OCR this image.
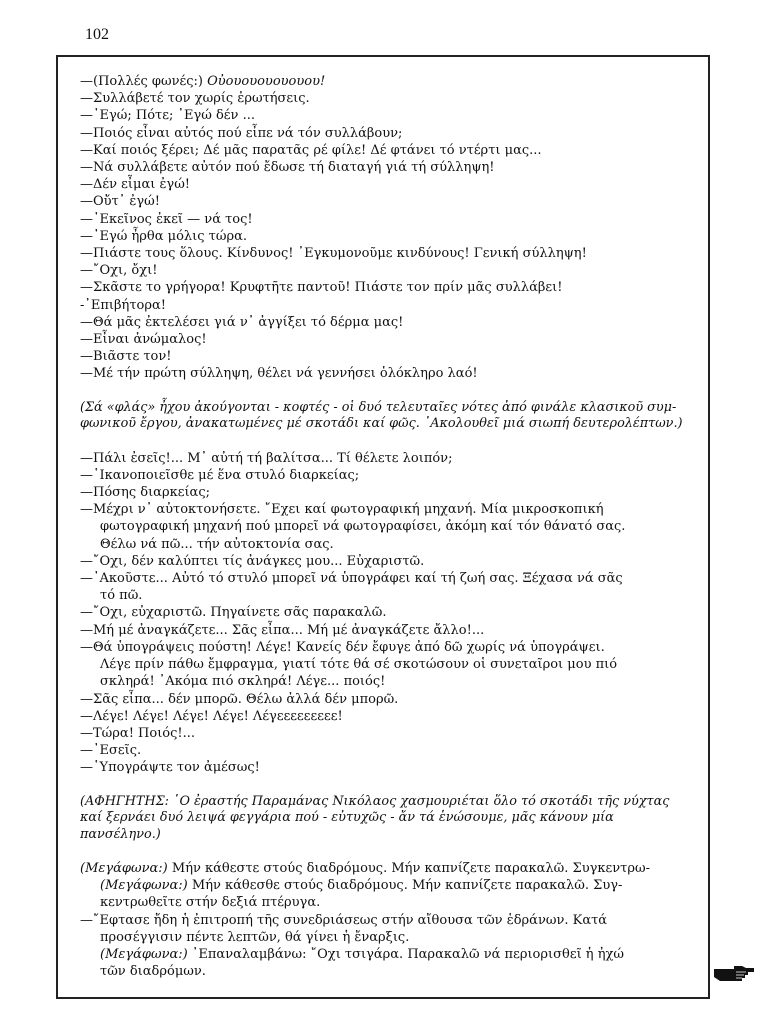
102

—(Πολλές φωνές:) Οὐουουουουουου!

—Συλλάβετέ τον χωρίς ἐρωτήσεις.

—᾿Εγώ; Πότε; ᾿Εγώ δέν ...

—Ποιός εἶναι αὐτός πού εἶπε νά τόν συλλάβουν;

—Καί ποιός ξέρει; Δέ μᾶς παρατᾶς ρέ φίλε! Δέ φτάνει τό ντέρτι μας...

—Νά συλλάβετε αὐτόν πού ἔδωσε τή διαταγή γιά τή σύλληψη!

—Δέν εἶμαι ἐγώ!

—Οὔτ᾿ ἐγώ!

—᾿Εκεῖνος ἐκεῖ — νά τος!

—᾿Εγώ ἦρθα μόλις τώρα.

—Πιάστε τους ὅλους. Κίνδυνος! ᾿Εγκυμονοῦμε κινδύνους! Γενική σύλληψη!

—῎Οχι, ὄχι!

—Σκᾶστε το γρήγορα! Κρυφτῆτε παντοῦ! Πιάστε τον πρίν μᾶς συλλάβει!

-᾿Επιβήτορα!

—Θά μᾶς ἐκτελέσει γιά ν᾿ ἀγγίξει τό δέρμα μας!

—Εἶναι ἀνώμαλος!

—Βιᾶστε τον!

—Μέ τήν πρώτη σύλληψη, θέλει νά γεννήσει ὁλόκληρο λαό!

(Σά «φλάς» ἦχου ἀκούγονται - κοφτές - οἱ δυό τελευταῖες νότες ἀπό φινάλε κλασικοῦ συμ-

φωνικοῦ ἔργου, ἀνακατωμένες μέ σκοτάδι καί φῶς. ᾿Ακολουθεῖ μιά σιωπή δευτερολέπτων.)

—Πάλι ἐσεῖς!... Μ᾿ αὐτή τή βαλίτσα... Τί θέλετε λοιπόν;

—῾Ικανοποιεῖσθε μέ ἕνα στυλό διαρκείας;

—Πόσης διαρκείας;

—Μέχρι ν᾿ αὐτοκτονήσετε. ῎Εχει καί φωτογραφική μηχανή. Μία μικροσκοπική

φωτογραφική μηχανή πού μπορεῖ νά φωτογραφίσει, ἀκόμη καί τόν θάνατό σας.

Θέλω νά πῶ... τήν αὐτοκτονία σας.

—῎Οχι, δέν καλύπτει τίς ἀνάγκες μου... Εὐχαριστῶ.

—᾿Ακοῦστε... Αὐτό τό στυλό μπορεῖ νά ὑπογράφει καί τή ζωή σας. Ξέχασα νά σᾶς

τό πῶ.

—῎Οχι, εὐχαριστῶ. Πηγαίνετε σᾶς παρακαλῶ.

—Μή μέ ἀναγκάζετε... Σᾶς εἶπα... Μή μέ ἀναγκάζετε ἄλλο!...

—Θά ὑπογράψεις πούστη! Λέγε! Κανείς δέν ἔφυγε ἀπό δῶ χωρίς νά ὑπογράψει.

Λέγε πρίν πάθω ἔμφραγμα, γιατί τότε θά σέ σκοτώσουν οἱ συνεταῖροι μου πιό

σκληρά! ᾿Ακόμα πιό σκληρά! Λέγε... ποιός!

—Σᾶς εἶπα... δέν μπορῶ. Θέλω ἀλλά δέν μπορῶ.

—Λέγε! Λέγε! Λέγε! Λέγε! Λέγεεεεεεεεε!

—Τώρα! Ποιός!...

—᾿Εσεῖς.

—῾Υπογράψτε τον ἀμέσως!

(ΑΦΗΓΗΤΗΣ: ῾Ο ἐραστής Παραμάνας Νικόλαος χασμουριέται ὅλο τό σκοτάδι τῆς νύχτας

καί ξερνάει δυό λειψά φεγγάρια πού - εὐτυχῶς - ἄν τά ἑνώσουμε, μᾶς κάνουν μία πανσέληνο.)

(Μεγάφωνα:) Μήν κάθεστε στούς διαδρόμους. Μήν καπνίζετε παρακαλῶ. Συγκεντρω-

(Μεγάφωνα:) Μήν κάθεσθε στούς διαδρόμους. Μήν καπνίζετε παρακαλῶ. Συγ-

κεντρωθεῖτε στήν δεξιά πτέρυγα.

—῎Εφτασε ἤδη ἡ ἐπιτροπή τῆς συνεδριάσεως στήν αἴθουσα τῶν ἑδράνων. Κατά

προσέγγισιν πέντε λεπτῶν, θά γίνει ἡ ἔναρξις.

(Μεγάφωνα:) ᾿Επαναλαμβάνω: ῎Οχι τσιγάρα. Παρακαλῶ νά περιορισθεῖ ἡ ἠχώ

τῶν διαδρόμων.
